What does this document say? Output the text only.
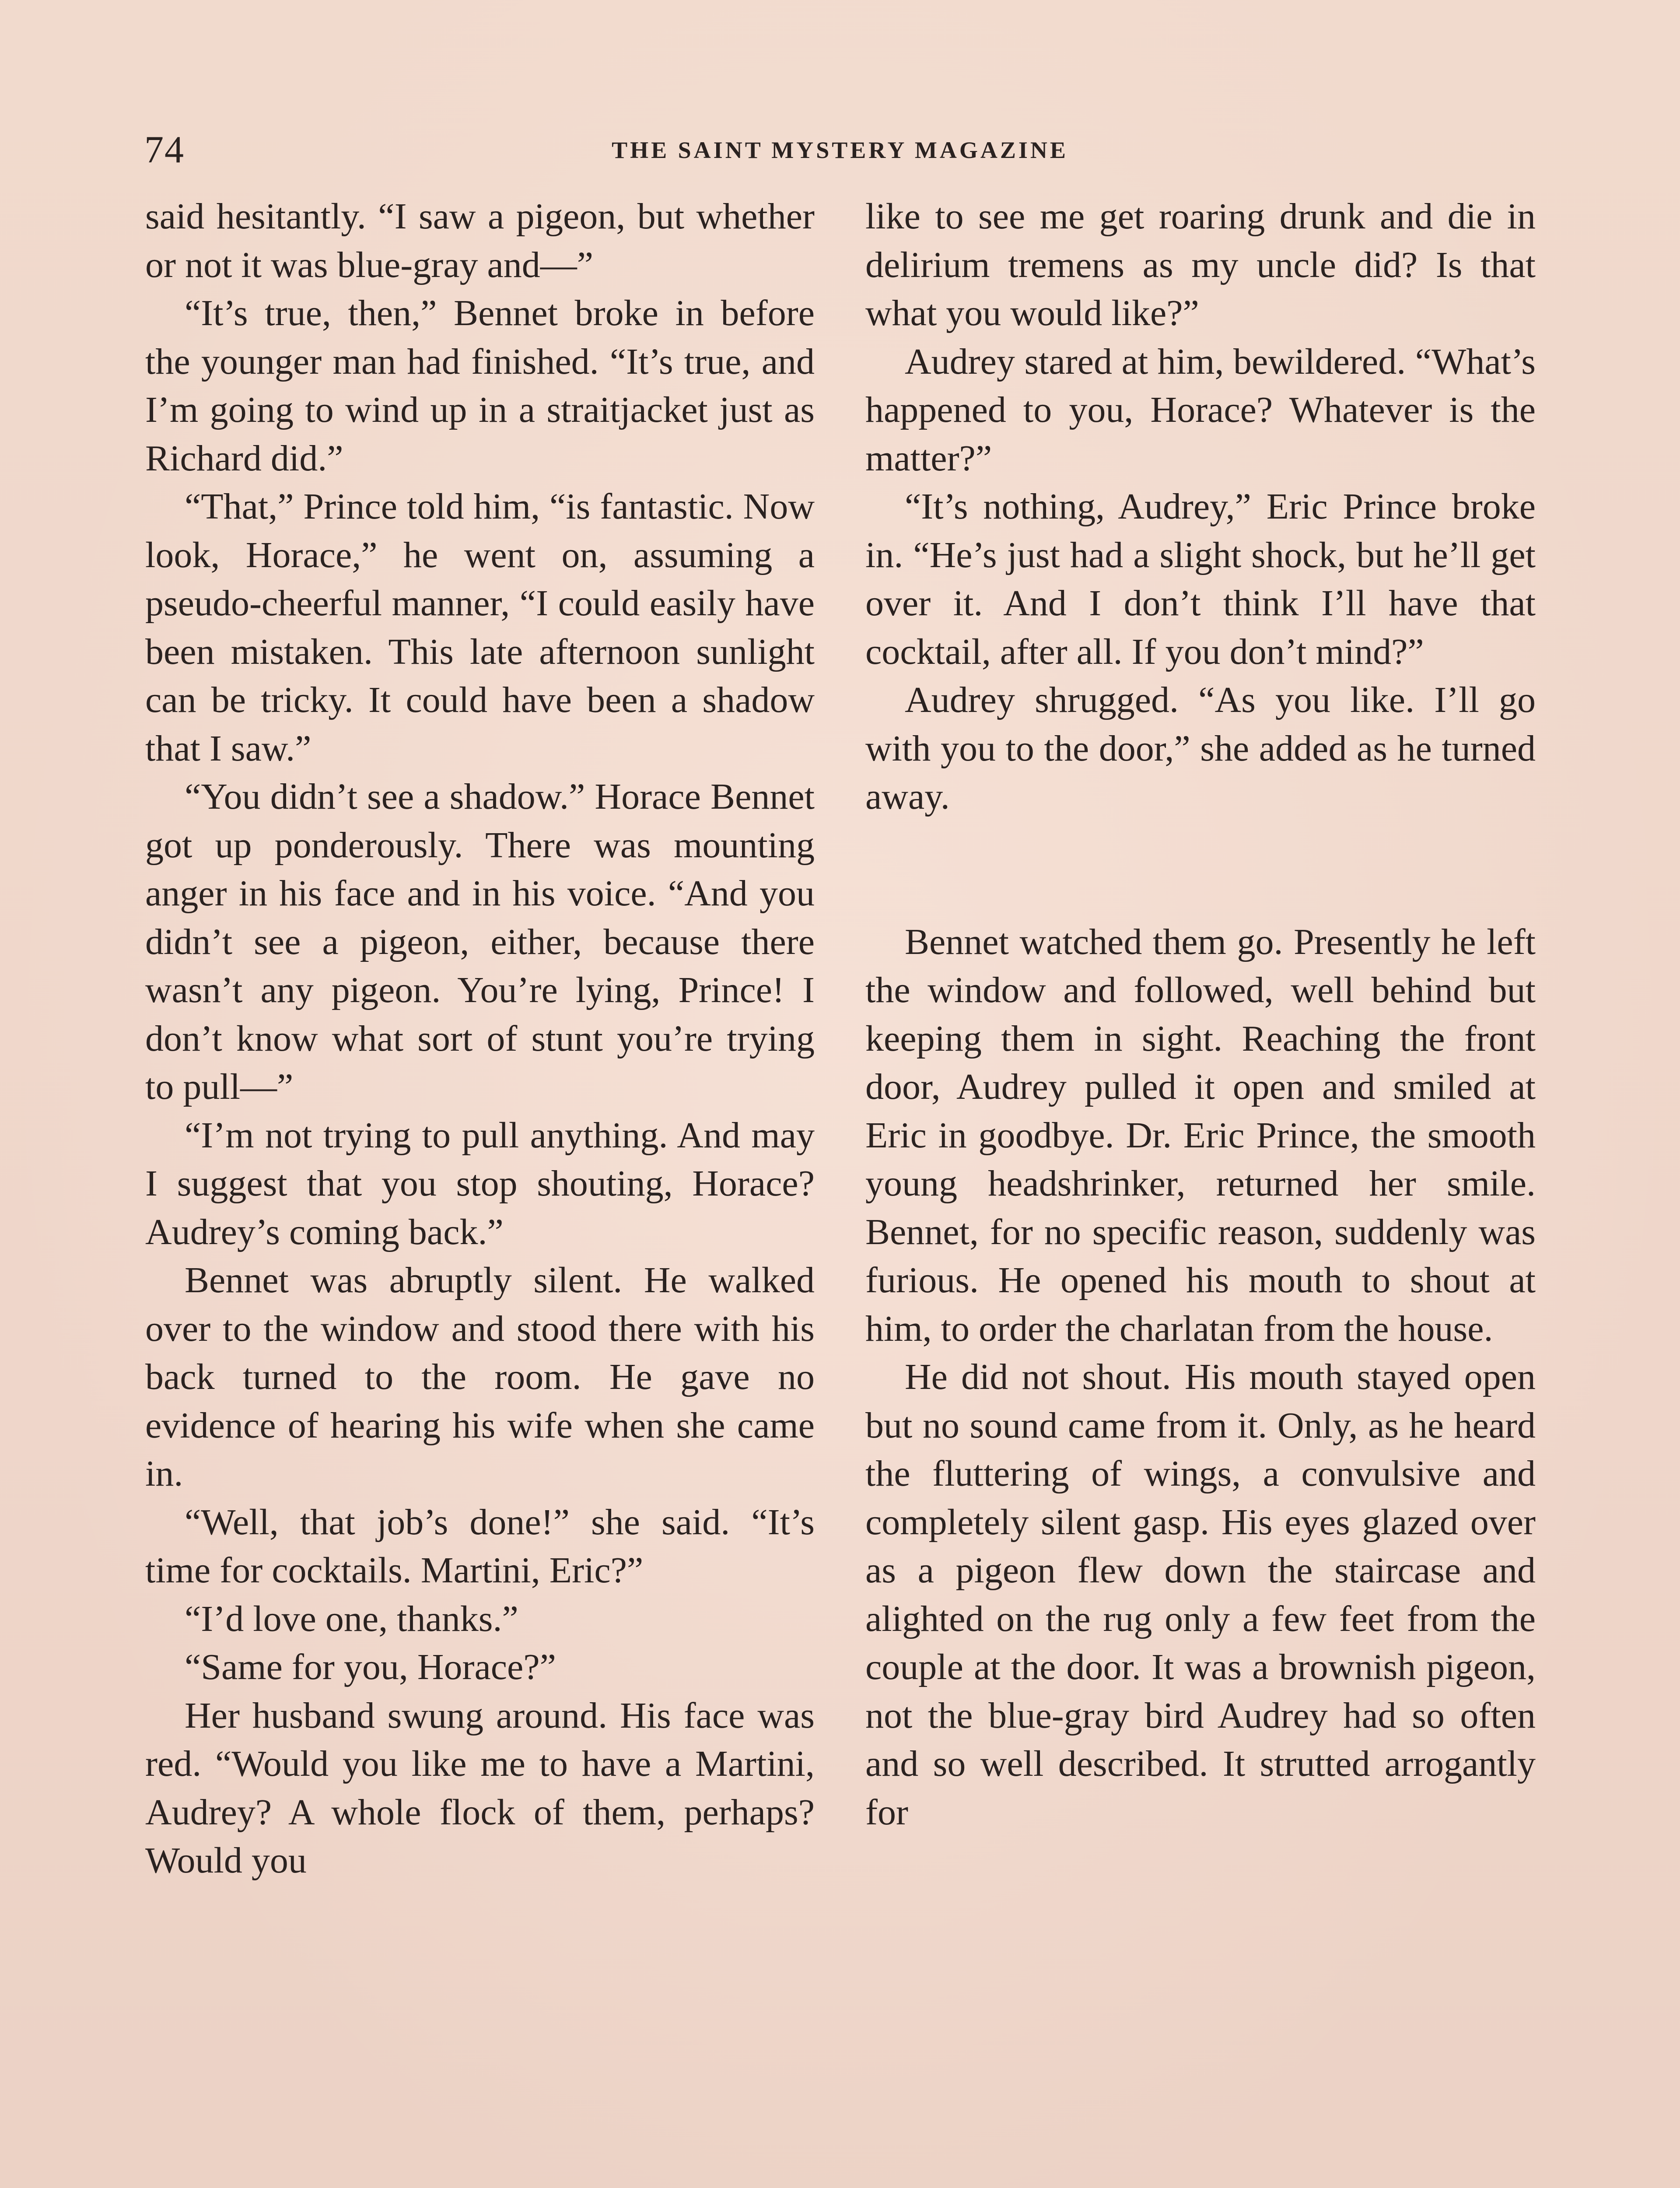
74	THE SAINT MYSTERY MAGAZINE

said hesitantly. “I saw a pigeon, but whether or not it was blue-gray and—”

“It’s true, then,” Bennet broke in before the younger man had finished. “It’s true, and I’m going to wind up in a straitjacket just as Richard did.”

“That,” Prince told him, “is fantastic. Now look, Horace,” he went on, assuming a pseudo-cheerful manner, “I could easily have been mistaken. This late afternoon sunlight can be tricky. It could have been a shadow that I saw.”

“You didn’t see a shadow.” Horace Bennet got up ponderously. There was mounting anger in his face and in his voice. “And you didn’t see a pigeon, either, because there wasn’t any pigeon. You’re lying, Prince! I don’t know what sort of stunt you’re trying to pull—”

“I’m not trying to pull anything. And may I suggest that you stop shouting, Horace? Audrey’s coming back.”

Bennet was abruptly silent. He walked over to the window and stood there with his back turned to the room. He gave no evidence of hearing his wife when she came in.

“Well, that job’s done!” she said. “It’s time for cocktails. Martini, Eric?”

“I’d love one, thanks.”

“Same for you, Horace?”

Her husband swung around. His face was red. “Would you like me to have a Martini, Audrey? A whole flock of them, perhaps? Would you

like to see me get roaring drunk and die in delirium tremens as my uncle did? Is that what you would like?”

Audrey stared at him, bewildered. “What’s happened to you, Horace? Whatever is the matter?”

“It’s nothing, Audrey,” Eric Prince broke in. “He’s just had a slight shock, but he’ll get over it. And I don’t think I’ll have that cocktail, after all. If you don’t mind?”

Audrey shrugged. “As you like. I’ll go with you to the door,” she added as he turned away.

Bennet watched them go. Presently he left the window and followed, well behind but keeping them in sight. Reaching the front door, Audrey pulled it open and smiled at Eric in goodbye. Dr. Eric Prince, the smooth young headshrinker, returned her smile. Bennet, for no specific reason, suddenly was furious. He opened his mouth to shout at him, to order the charlatan from the house.

He did not shout. His mouth stayed open but no sound came from it. Only, as he heard the fluttering of wings, a convulsive and completely silent gasp. His eyes glazed over as a pigeon flew down the staircase and alighted on the rug only a few feet from the couple at the door. It was a brownish pigeon, not the blue-gray bird Audrey had so often and so well described. It strutted arrogantly for
